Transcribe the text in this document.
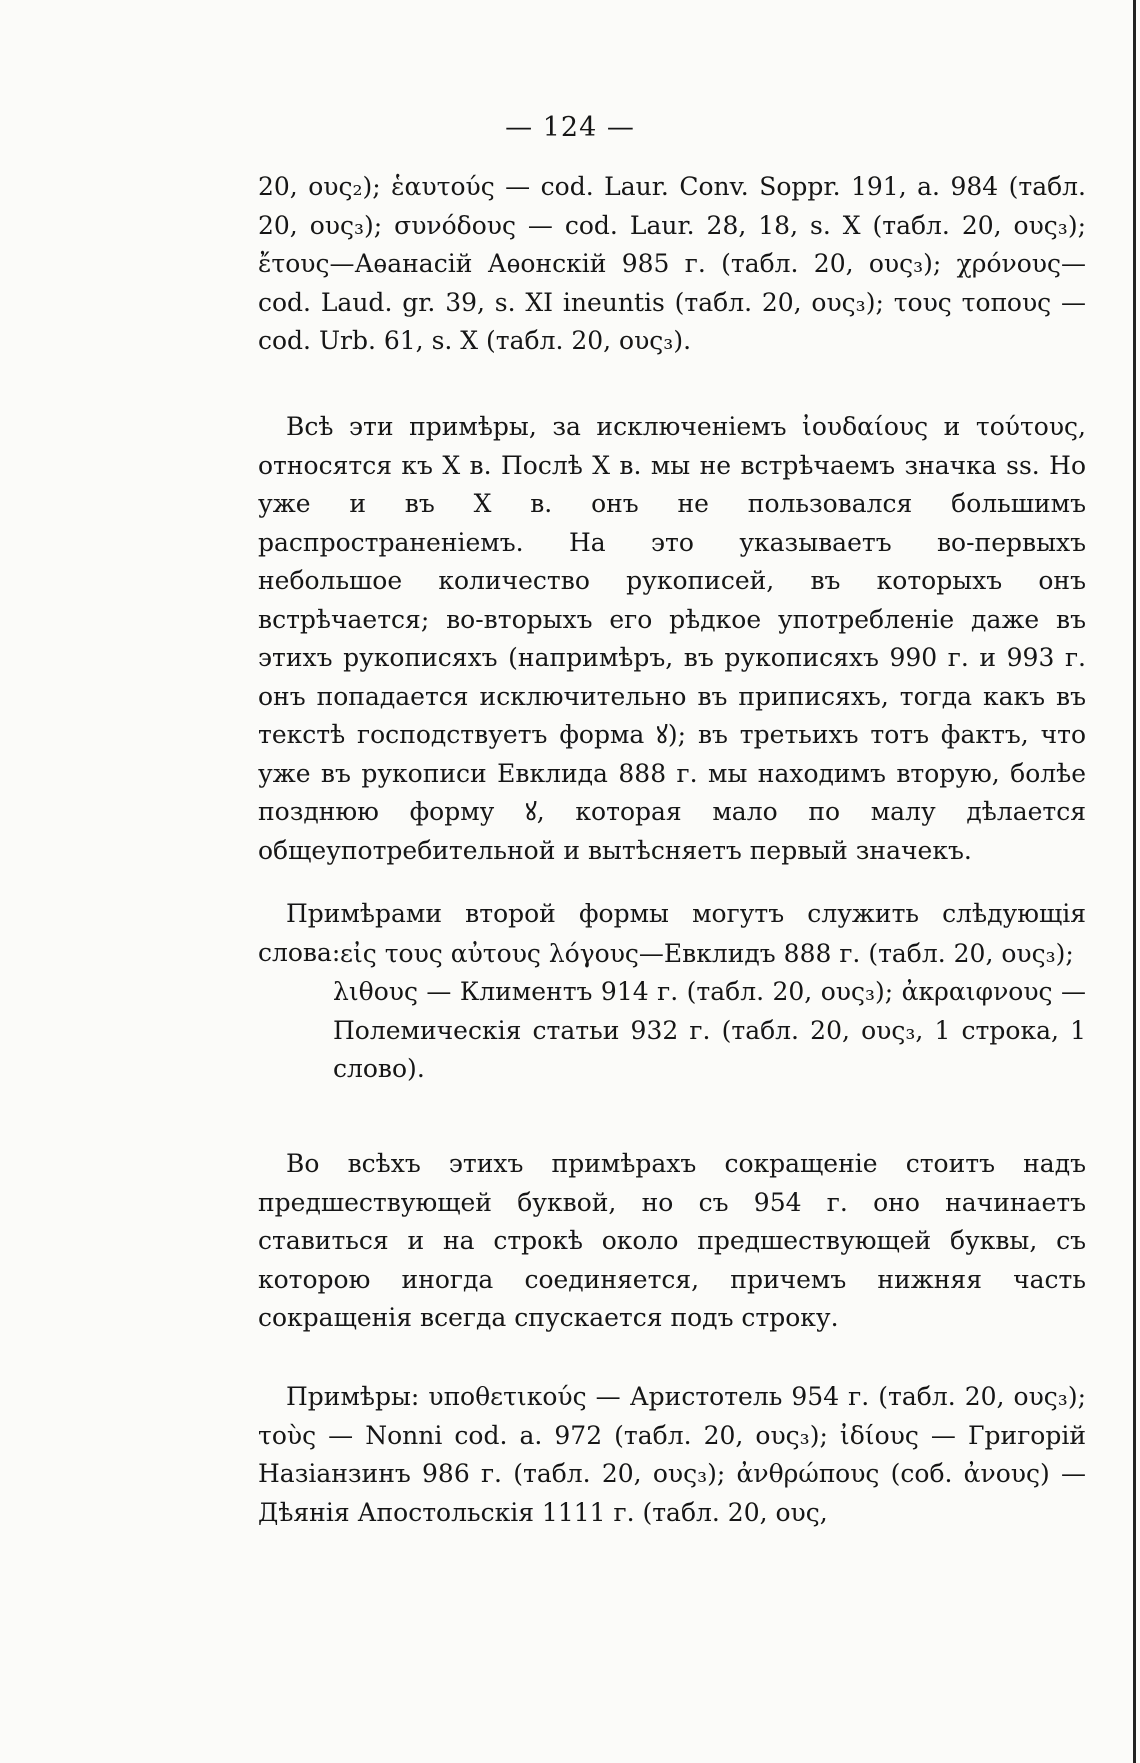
— 124 —

20, ους₂); ἑαυτούς — cod. Laur. Conv. Soppr. 191, a. 984 (табл. 20, ους₃); συνόδους — cod. Laur. 28, 18, s. X (табл. 20, ους₃); ἔτους—Аѳанасій Аѳонскій 985 г. (табл. 20, ους₃); χρόνους—cod. Laud. gr. 39, s. XI ineuntis (табл. 20, ους₃); τους τοπους — cod. Urb. 61, s. X (табл. 20, ους₃).

Всѣ эти примѣры, за исключеніемъ ἰουδαίους и τούτους, относятся къ X в. Послѣ X в. мы не встрѣчаемъ значка ss. Но уже и въ X в. онъ не пользовался большимъ распространеніемъ. На это указываетъ во-первыхъ небольшое количество рукописей, въ которыхъ онъ встрѣчается; во-вторыхъ его рѣдкое употребленіе даже въ этихъ рукописяхъ (напримѣръ, въ рукописяхъ 990 г. и 993 г. онъ попадается исключительно въ приписяхъ, тогда какъ въ текстѣ господствуетъ форма ꙋ); въ третьихъ тотъ фактъ, что уже въ рукописи Евклида 888 г. мы находимъ вторую, болѣе позднюю форму ꙋ, которая мало по малу дѣлается общеупотребительной и вытѣсняетъ первый значекъ.

Примѣрами второй формы могутъ служить слѣдующія слова: εἰς τους αὐτους λόγους—Евклидъ 888 г. (табл. 20, ους₃);

λιθους — Климентъ 914 г. (табл. 20, ους₃); ἀκραιφνους — Полемическія статьи 932 г. (табл. 20, ους₃, 1 строка, 1 слово).

Во всѣхъ этихъ примѣрахъ сокращеніе стоитъ надъ предшествующей буквой, но съ 954 г. оно начинаетъ ставиться и на строкѣ около предшествующей буквы, съ которою иногда соединяется, причемъ нижняя часть сокращенія всегда спускается подъ строку.

Примѣры: υποθετικούς — Аристотель 954 г. (табл. 20, ους₃); τοὺς — Nonni cod. a. 972 (табл. 20, ους₃); ἰδίους — Григорій Назіанзинъ 986 г. (табл. 20, ους₃); ἀνθρώπους (соб. ἀνους) — Дѣянія Апостольскія 1111 г. (табл. 20, ους,
